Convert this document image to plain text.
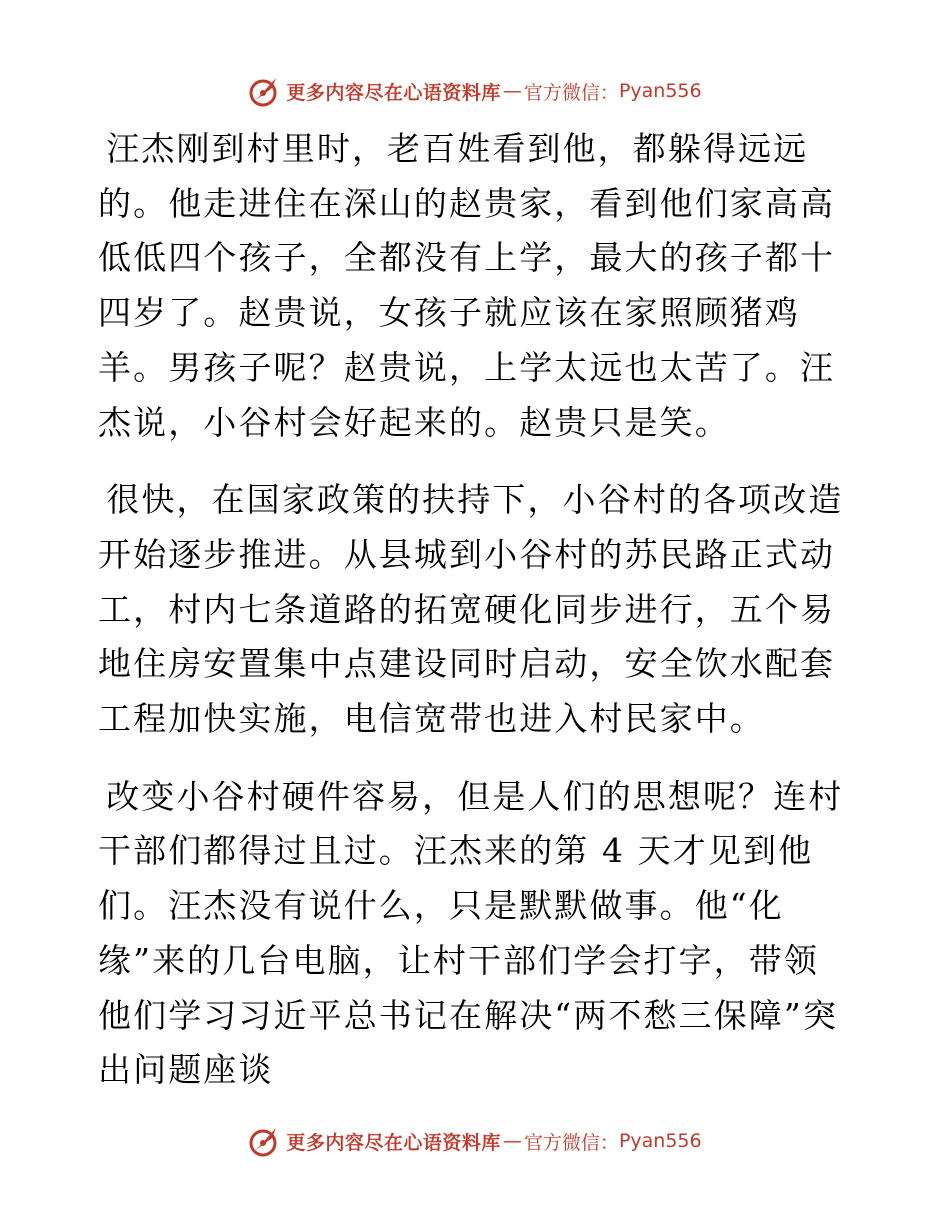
更多内容尽在心语资料库 — 官方微信： Pyan556

汪杰刚到村里时，老百姓看到他，都躲得远远的。他走进住在深山的赵贵家，看到他们家高高低低四个孩子，全都没有上学，最大的孩子都十四岁了。赵贵说，女孩子就应该在家照顾猪鸡羊。男孩子呢？赵贵说，上学太远也太苦了。汪杰说，小谷村会好起来的。赵贵只是笑。

很快，在国家政策的扶持下，小谷村的各项改造开始逐步推进。从县城到小谷村的苏民路正式动工，村内七条道路的拓宽硬化同步进行，五个易地住房安置集中点建设同时启动，安全饮水配套工程加快实施，电信宽带也进入村民家中。

改变小谷村硬件容易，但是人们的思想呢？连村干部们都得过且过。汪杰来的第 4 天才见到他们。汪杰没有说什么，只是默默做事。他“化缘”来的几台电脑，让村干部们学会打字，带领他们学习习近平总书记在解决“两不愁三保障”突出问题座谈

更多内容尽在心语资料库 — 官方微信： Pyan556
